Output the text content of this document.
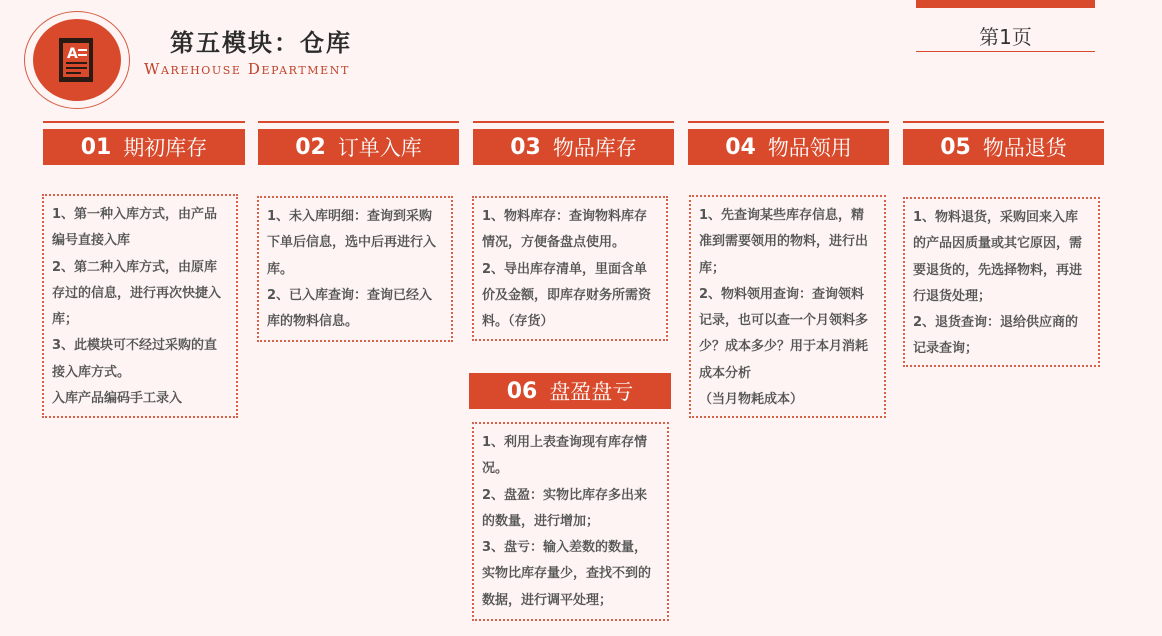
A	第五模块：仓库
Warehouse Department
第1页
01 期初库存

1、第一种入库方式，由产品编号直接入库

2、第二种入库方式，由原库存过的信息，进行再次快捷入库；

3、此模块可不经过采购的直接入库方式。

入库产品编码手工录入

02 订单入库

1、未入库明细：查询到采购下单后信息，选中后再进行入库。

2、已入库查询：查询已经入库的物料信息。

03 物品库存

1、物料库存：查询物料库存情况，方便备盘点使用。

2、导出库存清单，里面含单价及金额，即库存财务所需资料。（存货）

04 物品领用

1、先查询某些库存信息，精准到需要领用的物料，进行出库；

2、物料领用查询：查询领料记录，也可以查一个月领料多少？成本多少？用于本月消耗成本分析

（当月物耗成本）

05 物品退货

1、物料退货，采购回来入库的产品因质量或其它原因，需要退货的，先选择物料，再进行退货处理；

2、退货查询：退给供应商的记录查询；

06 盘盈盘亏

1、利用上表查询现有库存情况。

2、盘盈：实物比库存多出来的数量，进行增加；

3、盘亏：输入差数的数量，实物比库存量少，查找不到的数据，进行调平处理；
